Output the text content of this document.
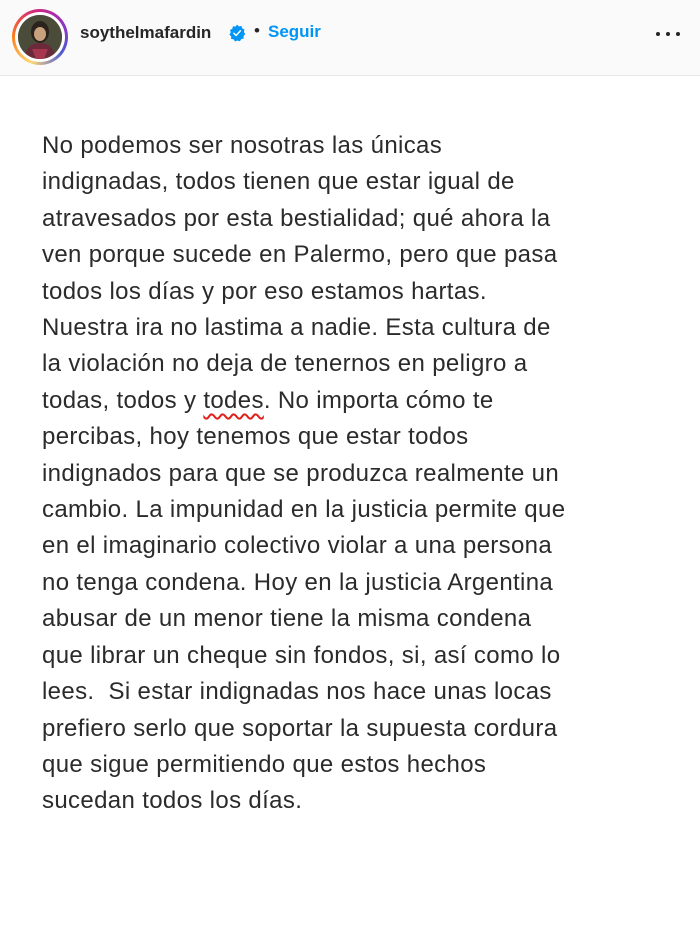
soythelmafardin	• Seguir

No podemos ser nosotras las únicas

indignadas, todos tienen que estar igual de

atravesados por esta bestialidad; qué ahora la

ven porque sucede en Palermo, pero que pasa

todos los días y por eso estamos hartas.

Nuestra ira no lastima a nadie. Esta cultura de

la violación no deja de tenernos en peligro a

todas, todos y todes. No importa cómo te

percibas, hoy tenemos que estar todos

indignados para que se produzca realmente un

cambio. La impunidad en la justicia permite que

en el imaginario colectivo violar a una persona

no tenga condena. Hoy en la justicia Argentina

abusar de un menor tiene la misma condena

que librar un cheque sin fondos, si, así como lo

lees.  Si estar indignadas nos hace unas locas

prefiero serlo que soportar la supuesta cordura

que sigue permitiendo que estos hechos

sucedan todos los días.
